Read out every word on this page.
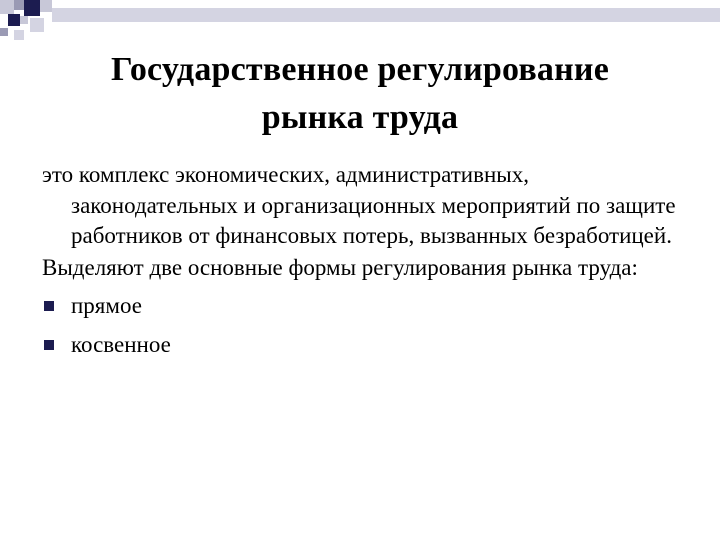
Государственное регулирование
рынка труда

это комплекс экономических, административных, законодательных и организационных мероприятий по защите работников от финансовых потерь, вызванных безработицей.

Выделяют две основные формы регулирования рынка труда:

прямое
косвенное
